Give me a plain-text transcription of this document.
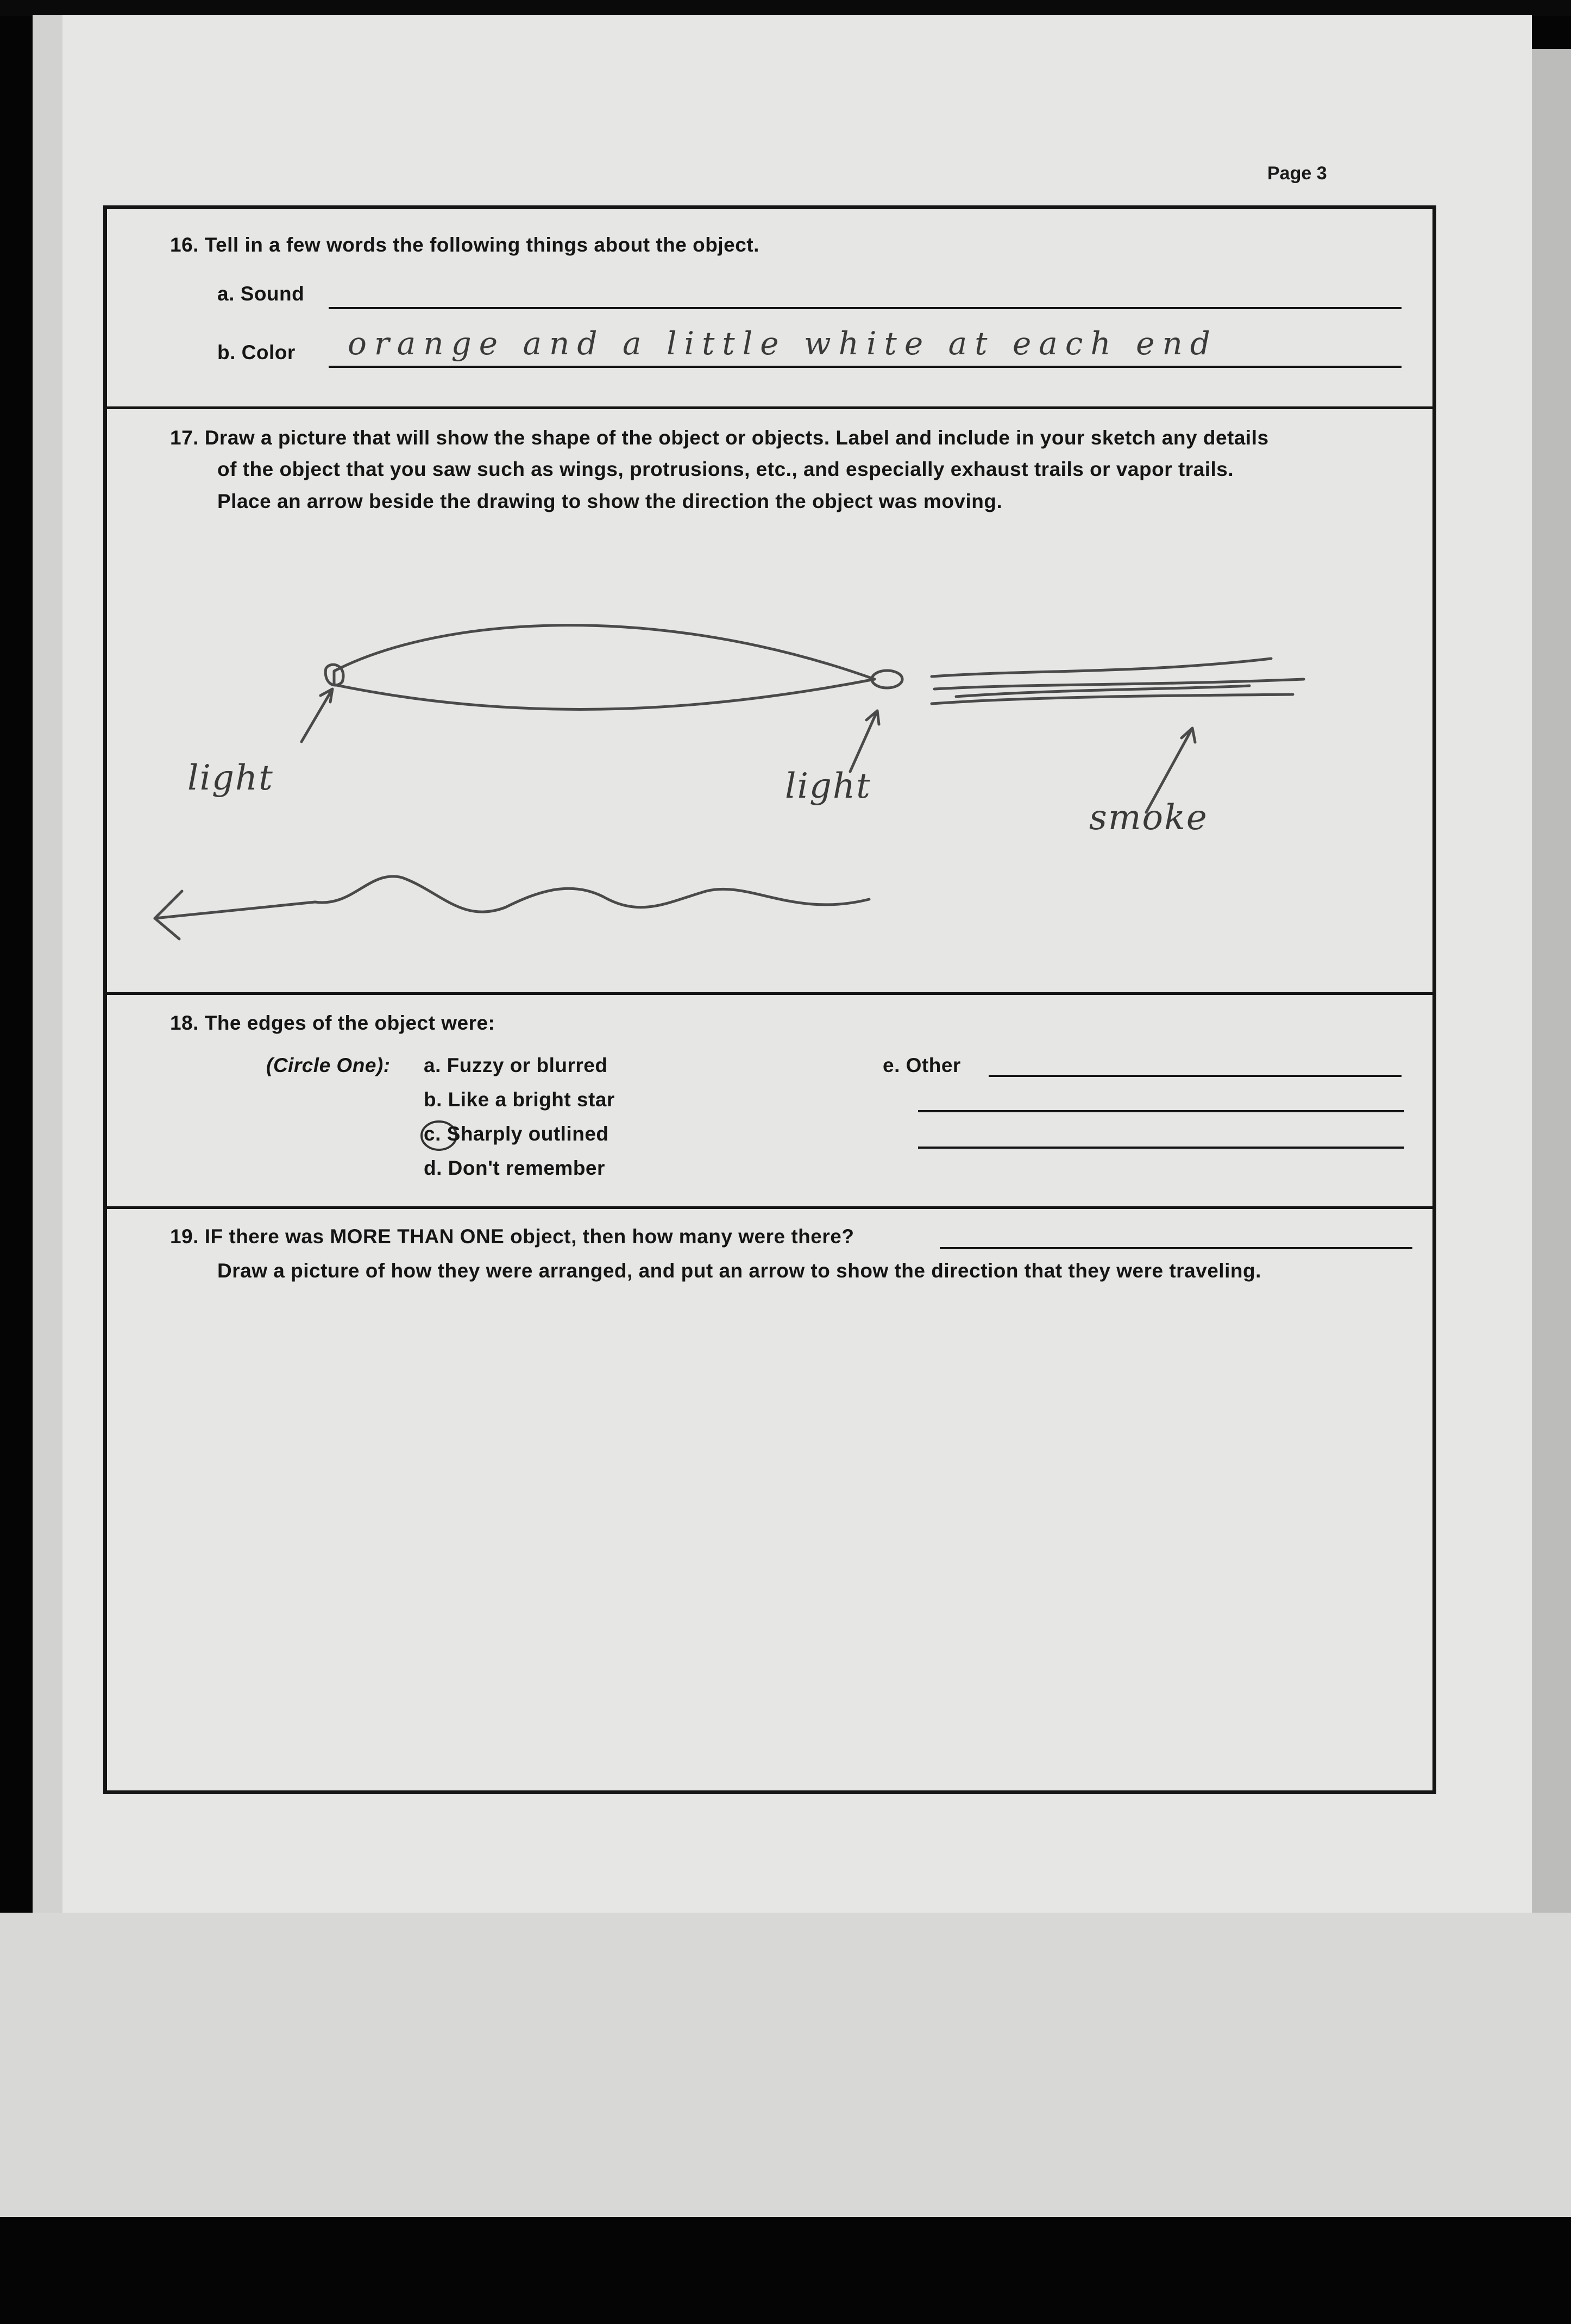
Page 3
16. Tell in a few words the following things about the object.
a. Sound
b. Color orange and a little white at each end
17. Draw a picture that will show the shape of the object or objects. Label and include in your sketch any details
of the object that you saw such as wings, protrusions, etc., and especially exhaust trails or vapor trails.
Place an arrow beside the drawing to show the direction the object was moving.
light	light
smoke
18. The edges of the object were:
(Circle One): a. Fuzzy or blurred
b. Like a bright star
c. Sharply outlined
d. Don't remember
e. Other
19. IF there was MORE THAN ONE object, then how many were there?
Draw a picture of how they were arranged, and put an arrow to show the direction that they were traveling.
